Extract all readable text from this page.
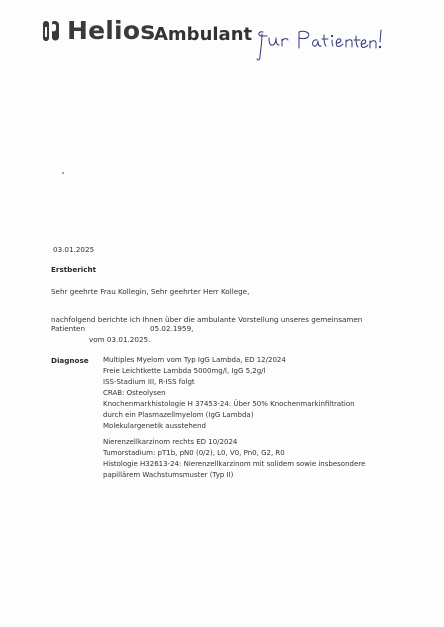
Helios
Ambulant
03.01.2025
Erstbericht
Sehr geehrte Frau Kollegin, Sehr geehrter Herr Kollege,
nachfolgend berichte ich Ihnen über die ambulante Vorstellung unseres gemeinsamen
Patienten	05.02.1959,
vom 03.01.2025.
Diagnose Multiples Myelom vom Typ IgG Lambda, ED 12/2024
Freie Leichtkette Lambda 5000mg/l, IgG 5,2g/l
ISS-Stadium III, R-ISS folgt
CRAB: Osteolysen
Knochenmarkhistologie H 37453-24: Über 50% Knochenmarkinfiltration
durch ein Plasmazellmyelom (IgG Lambda)
Molekulargenetik ausstehend
Nierenzellkarzinom rechts ED 10/2024
Tumorstadium: pT1b, pN0 (0/2), L0, V0, Pn0, G2, R0
Histologie H32613-24: Nierenzellkarzinom mit solidem sowie insbesondere
papillärem Wachstumsmuster (Typ II)
